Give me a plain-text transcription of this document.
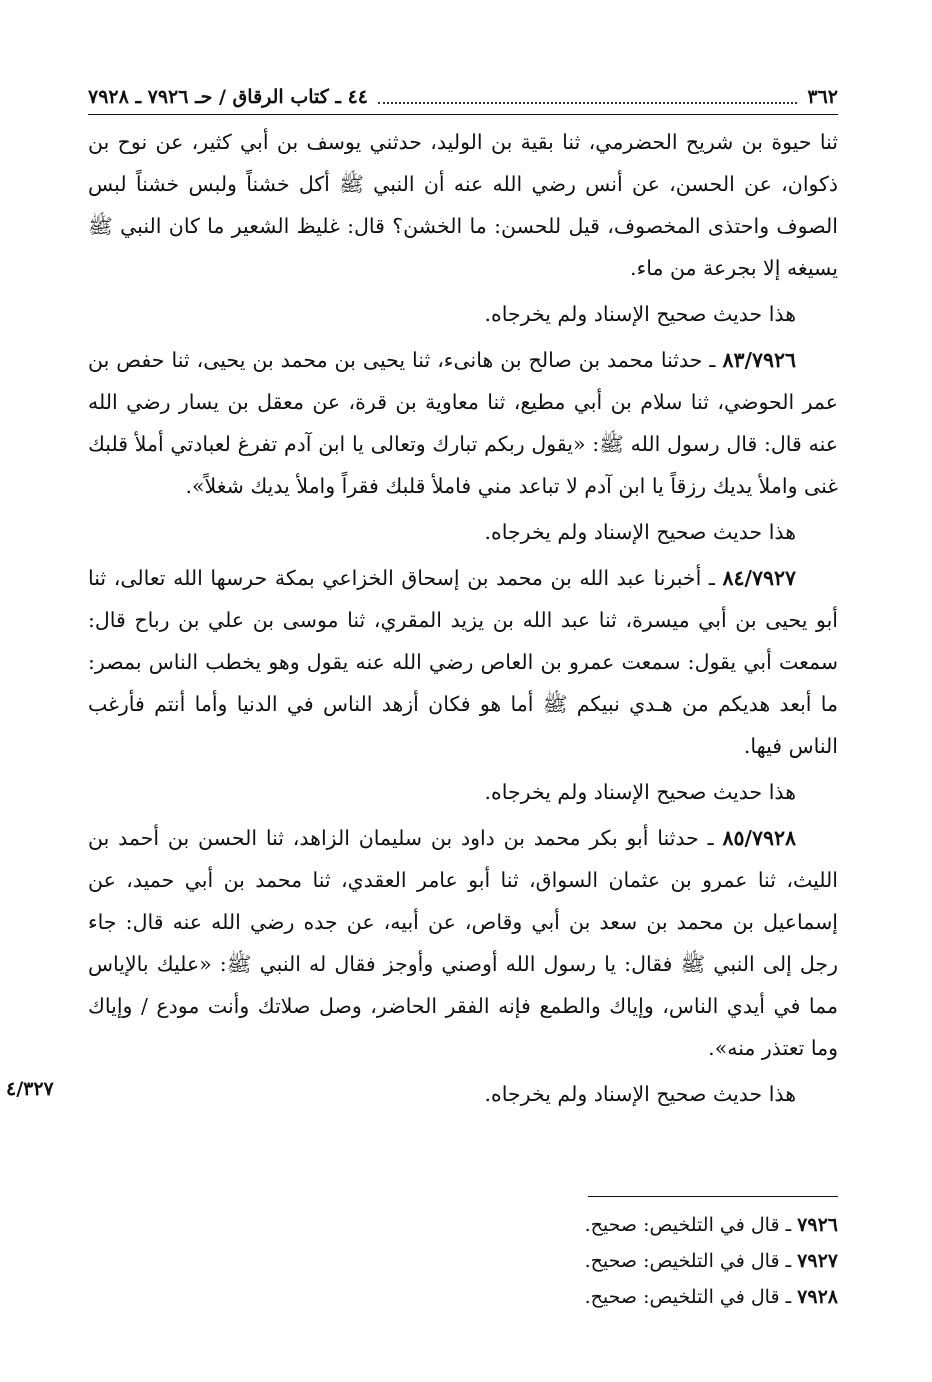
٣٦٢
٤٤ ـ كتاب الرقاق / حـ ٧٩٢٦ ـ ٧٩٢٨

ثنا حيوة بن شريح الحضرمي، ثنا بقية بن الوليد، حدثني يوسف بن أبي كثير، عن نوح بن ذكوان، عن الحسن، عن أنس رضي الله عنه أن النبي ﷺ أكل خشناً ولبس خشناً لبس الصوف واحتذى المخصوف، قيل للحسن: ما الخشن؟ قال: غليظ الشعير ما كان النبي ﷺ يسيغه إلا بجرعة من ماء.

هذا حديث صحيح الإسناد ولم يخرجاه.

٨٣/٧٩٢٦ ـ حدثنا محمد بن صالح بن هانىء، ثنا يحيى بن محمد بن يحيى، ثنا حفص بن عمر الحوضي، ثنا سلام بن أبي مطيع، ثنا معاوية بن قرة، عن معقل بن يسار رضي الله عنه قال: قال رسول الله ﷺ: «يقول ربكم تبارك وتعالى يا ابن آدم تفرغ لعبادتي أملأ قلبك غنى واملأ يديك رزقاً يا ابن آدم لا تباعد مني فاملأ قلبك فقراً واملأ يديك شغلاً».

هذا حديث صحيح الإسناد ولم يخرجاه.

٨٤/٧٩٢٧ ـ أخبرنا عبد الله بن محمد بن إسحاق الخزاعي بمكة حرسها الله تعالى، ثنا أبو يحيى بن أبي ميسرة، ثنا عبد الله بن يزيد المقري، ثنا موسى بن علي بن رباح قال: سمعت أبي يقول: سمعت عمرو بن العاص رضي الله عنه يقول وهو يخطب الناس بمصر: ما أبعد هديكم من هـدي نبيكم ﷺ أما هو فكان أزهد الناس في الدنيا وأما أنتم فأرغب الناس فيها.

هذا حديث صحيح الإسناد ولم يخرجاه.

٨٥/٧٩٢٨ ـ حدثنا أبو بكر محمد بن داود بن سليمان الزاهد، ثنا الحسن بن أحمد بن الليث، ثنا عمرو بن عثمان السواق، ثنا أبو عامر العقدي، ثنا محمد بن أبي حميد، عن إسماعيل بن محمد بن سعد بن أبي وقاص، عن أبيه، عن جده رضي الله عنه قال: جاء رجل إلى النبي ﷺ فقال: يا رسول الله أوصني وأوجز فقال له النبي ﷺ: «عليك بالإياس مما في أيدي الناس، وإياك والطمع فإنه الفقر الحاضر، وصل صلاتك وأنت مودع / وإياك وما تعتذر منه».

هذا حديث صحيح الإسناد ولم يخرجاه.

٤/٣٢٧
٧٩٢٦ ـ قال في التلخيص: صحيح.
٧٩٢٧ ـ قال في التلخيص: صحيح.
٧٩٢٨ ـ قال في التلخيص: صحيح.
